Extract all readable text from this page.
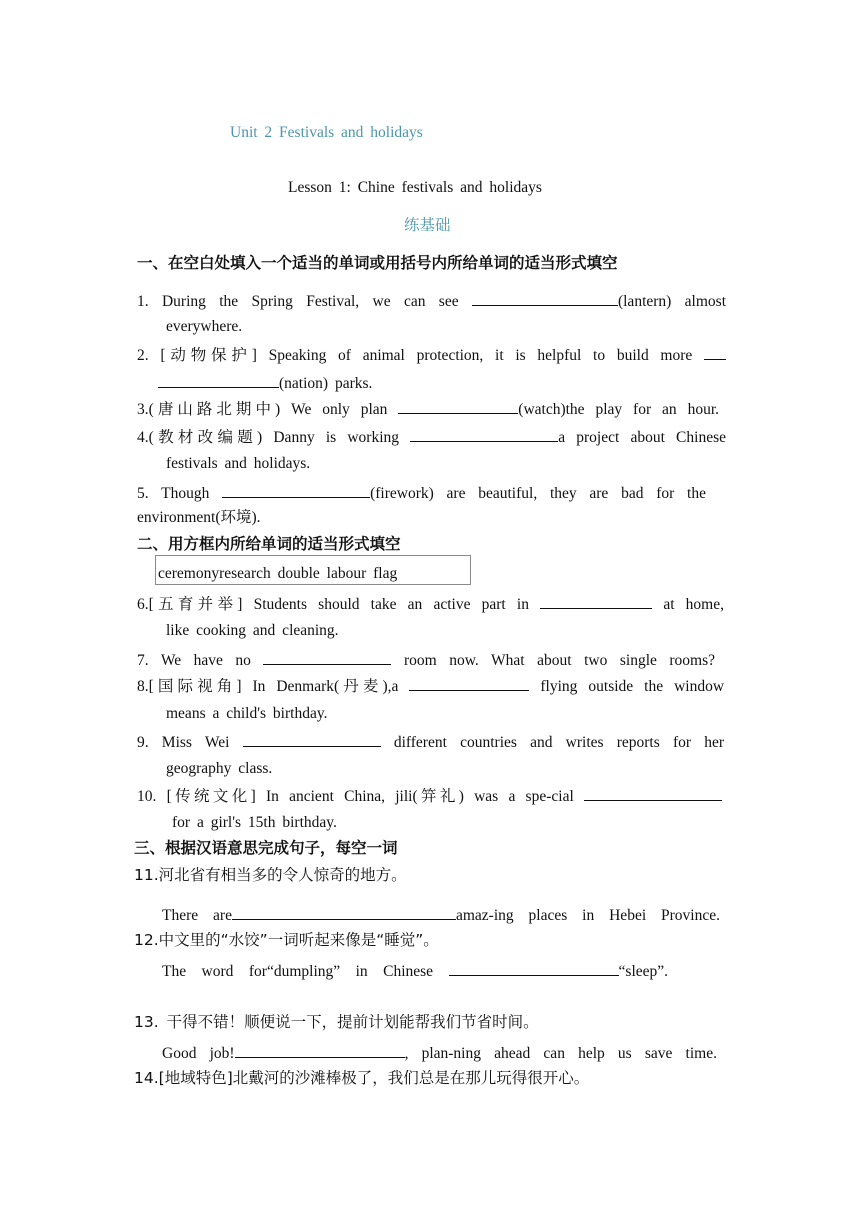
Unit 2 Festivals and holidays
Lesson 1: Chine festivals and holidays
练基础
一、在空白处填入一个适当的单词或用括号内所给单词的适当形式填空
1. During the Spring Festival, we can see	(lantern) almost
everywhere.
2. [动物保护] Speaking of animal protection, it is helpful to build more
(nation) parks.
3.(唐山路北期中) We only plan	(watch)the play for an hour.
4.(教材改编题) Danny is working	a project about Chinese
festivals and holidays.
5. Though	(firework) are beautiful, they are bad for the
environment(环境).
二、用方框内所给单词的适当形式填空
ceremonyresearch double labour flag
6.[五育并举] Students should take an active part in	at home,
like cooking and cleaning.
7. We have no	room now. What about two single rooms?
8.[国际视角] In Denmark(丹麦),a	flying outside the window
means a child's birthday.
9. Miss Wei	different countries and writes reports for her
geography class.
10. [传统文化] In ancient China, jili(笄礼) was a spe-cial
for a girl's 15th birthday.
三、根据汉语意思完成句子，每空一词
11.河北省有相当多的令人惊奇的地方。
There are	amaz-ing places in Hebei Province.
12.中文里的“水饺”一词听起来像是“睡觉”。
The word for“dumpling” in Chinese	“sleep”.
13. 干得不错！顺便说一下，提前计划能帮我们节省时间。
Good job!	, plan-ning ahead can help us save time.
14.[地域特色]北戴河的沙滩棒极了，我们总是在那儿玩得很开心。
